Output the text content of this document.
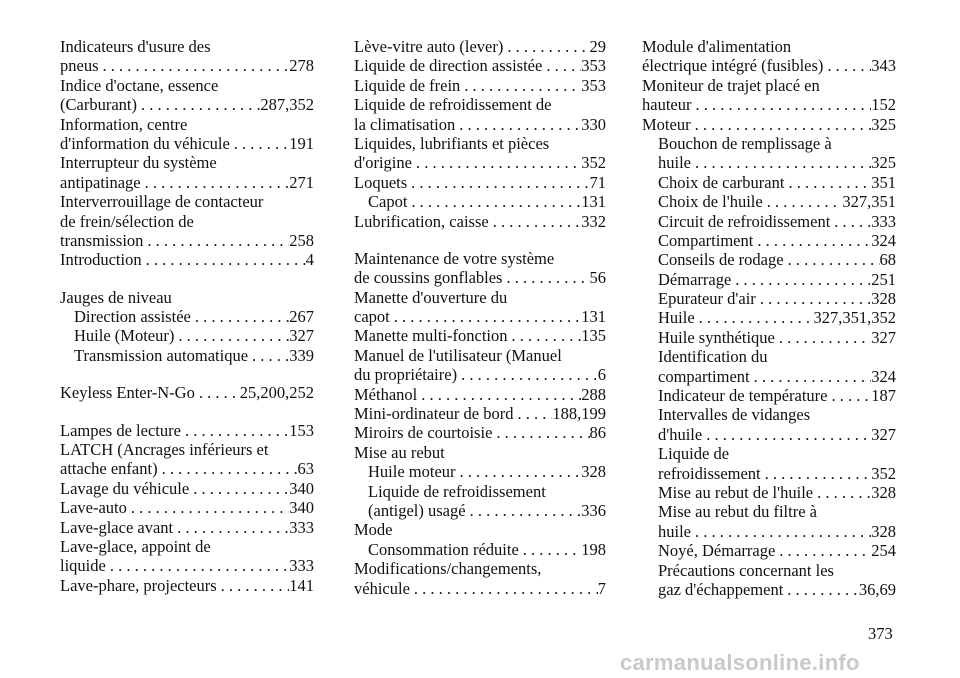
Indicateurs d'usure des
pneus . . .	278
Indice d'octane, essence
(Carburant) . . .	287,352
Information, centre
d'information du véhicule . . .	191
Interrupteur du système
antipatinage . . .	271
Interverrouillage de contacteur
de frein/sélection de
transmission . . .	258
Introduction . . .	4
Jauges de niveau
Direction assistée . . .	267
Huile (Moteur) . . .	327
Transmission automatique . . . 339
Keyless Enter-N-Go . . .	25,200,252
Lampes de lecture . . .	153
LATCH (Ancrages inférieurs et
attache enfant) . . .	63
Lavage du véhicule . . .	340
Lave-auto . . .	340
Lave-glace avant . . .	333
Lave-glace, appoint de
liquide . . .	333
Lave-phare, projecteurs . . .	141
Lève-vitre auto (lever) . . .	29
Liquide de direction assistée . . . 353
Liquide de frein . . .	353
Liquide de refroidissement de
la climatisation . . .	330
Liquides, lubrifiants et pièces
d'origine . . .	352
Loquets . . .	71
Capot . . .	131
Lubrification, caisse . . .	332
Maintenance de votre système
de coussins gonflables . . .	56
Manette d'ouverture du
capot . . .	131
Manette multi-fonction . . .	135
Manuel de l'utilisateur (Manuel
du propriétaire) . . .	6
Méthanol . . .	288
Mini-ordinateur de bord . . . 188,199
Miroirs de courtoisie . . .	86
Mise au rebut
Huile moteur . . .	328
Liquide de refroidissement
(antigel) usagé . . .	336
Mode
Consommation réduite . . .	198
Modifications/changements,
véhicule . . .	7
Module d'alimentation
électrique intégré (fusibles) . . .	343
Moniteur de trajet placé en
hauteur . . .	152
Moteur . . .	325
Bouchon de remplissage à
huile . . .	325
Choix de carburant . . .	351
Choix de l'huile . . .	327,351
Circuit de refroidissement . . . 333
Compartiment . . .	324
Conseils de rodage . . .	68
Démarrage . . .	251
Epurateur d'air . . .	328
Huile . . .	327,351,352
Huile synthétique . . .	327
Identification du
compartiment . . .	324
Indicateur de température . . .	187
Intervalles de vidanges
d'huile . . .	327
Liquide de
refroidissement . . .	352
Mise au rebut de l'huile . . .	328
Mise au rebut du filtre à
huile . . .	328
Noyé, Démarrage . . .	254
Précautions concernant les
gaz d'échappement . . .	36,69
373
carmanualsonline.info
